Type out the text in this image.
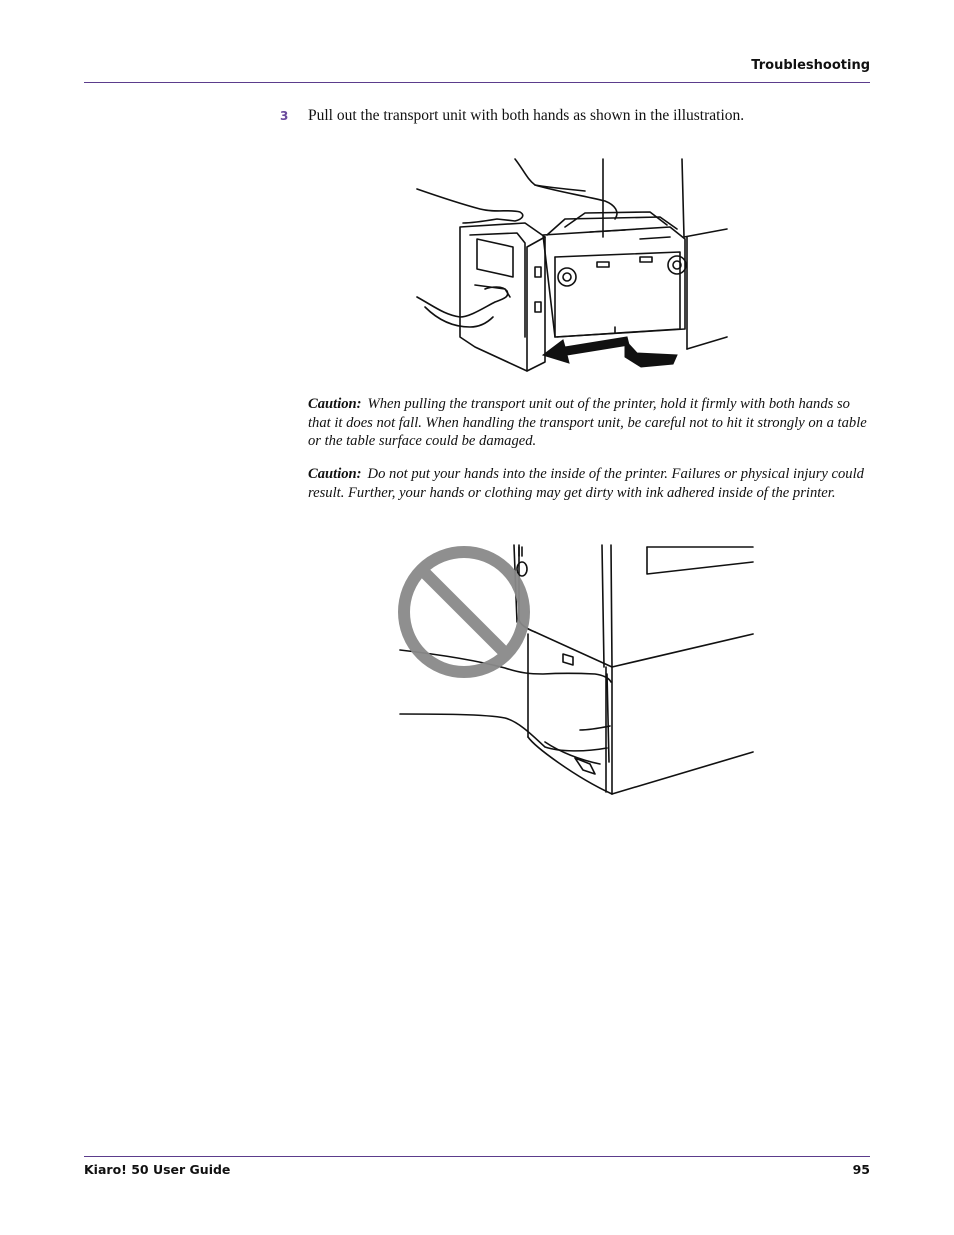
Troubleshooting
3 Pull out the transport unit with both hands as shown in the illustration.
Caution: When pulling the transport unit out of the printer, hold it firmly with both hands so that it does not fall. When handling the transport unit, be careful not to hit it strongly on a table or the table surface could be damaged.
Caution: Do not put your hands into the inside of the printer. Failures or physical injury could result. Further, your hands or clothing may get dirty with ink adhered inside of the printer.
Kiaro! 50 User Guide	95
